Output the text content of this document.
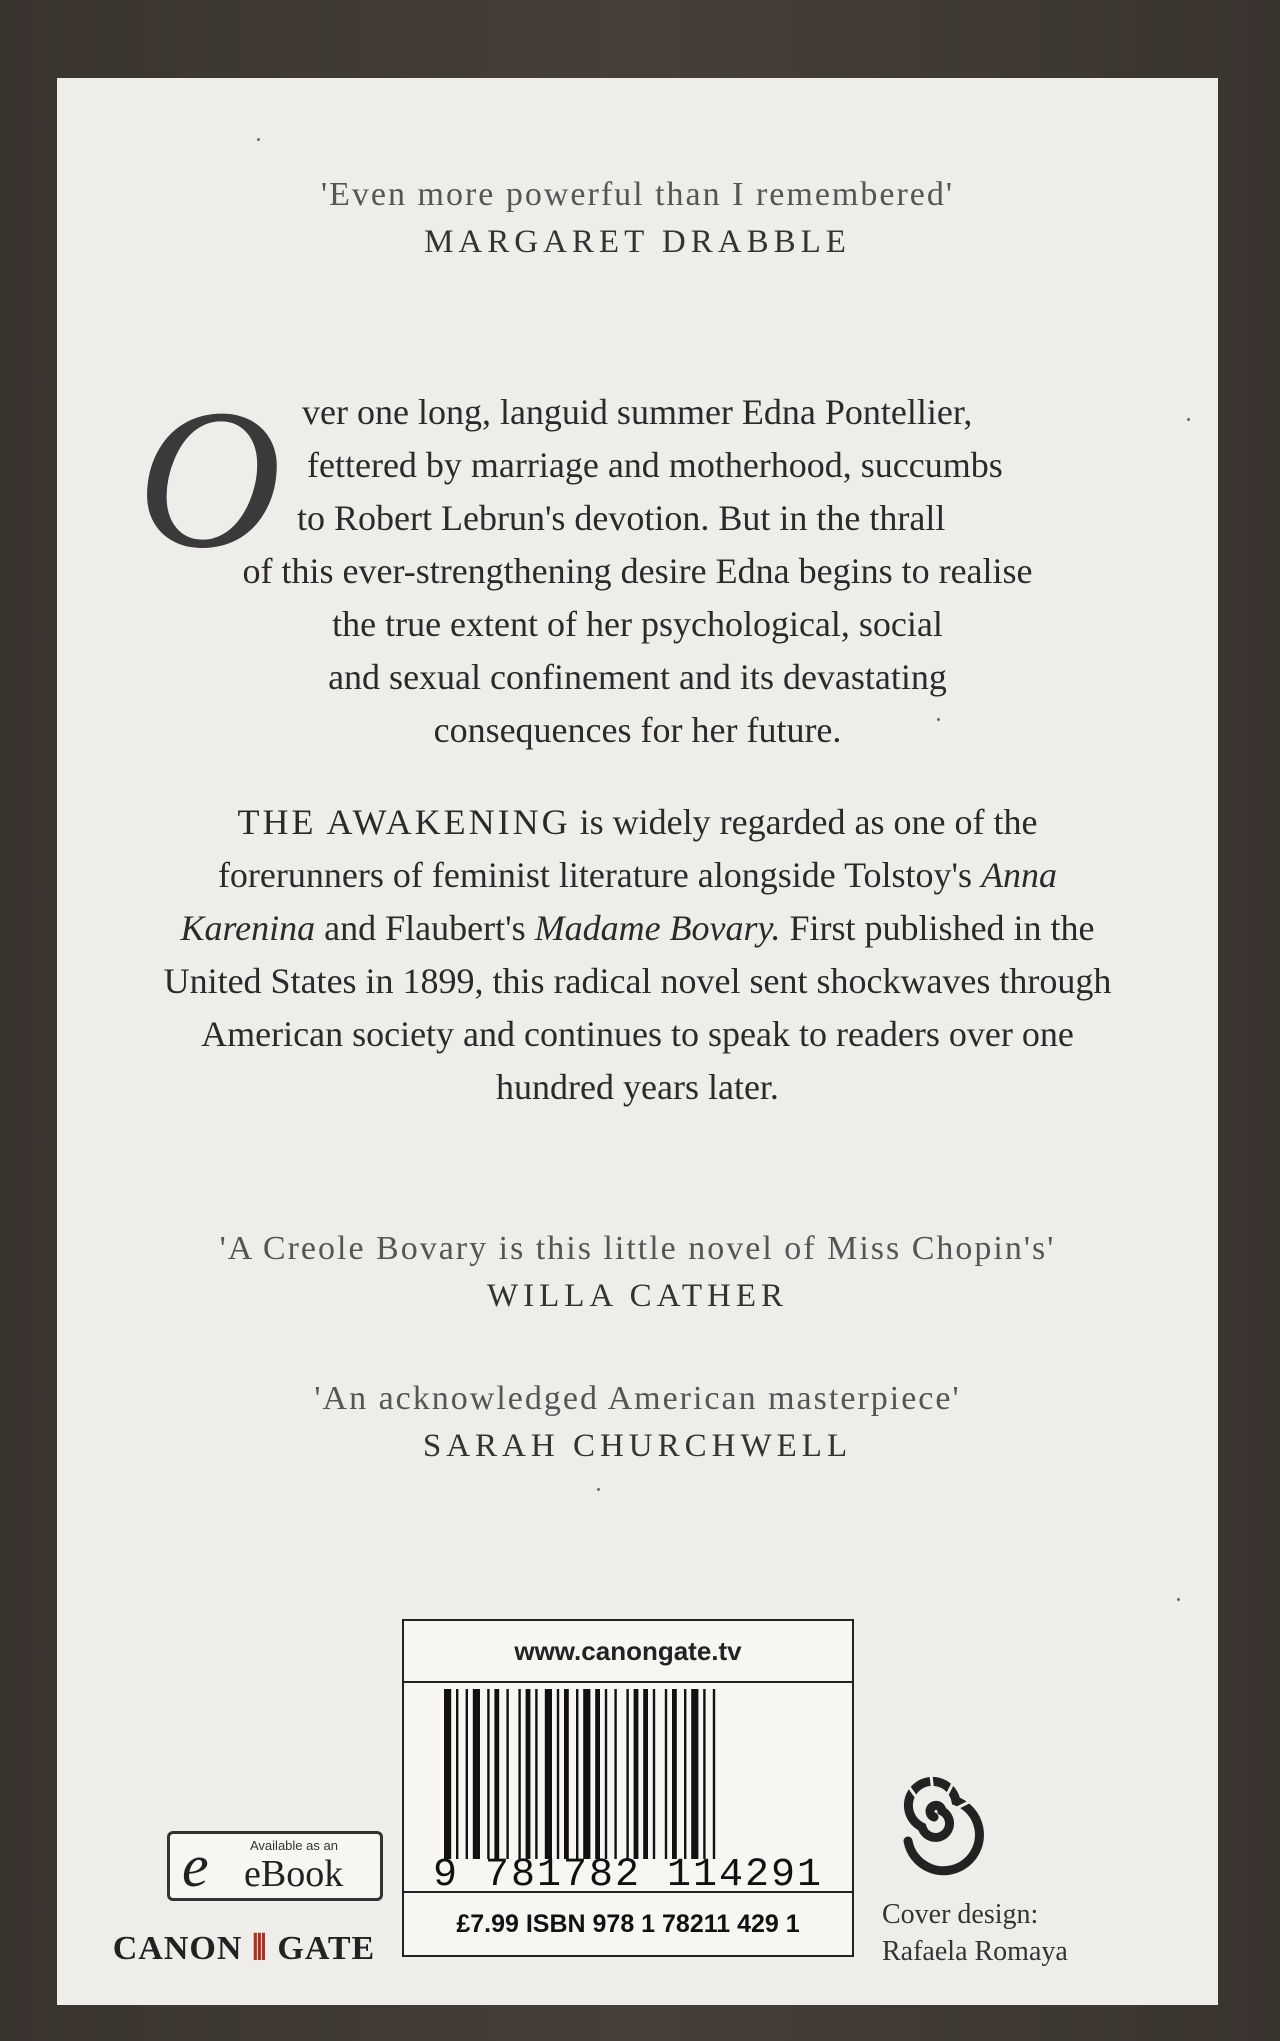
'Even more powerful than I remembered'
MARGARET DRABBLE
O ver one long, languid summer Edna Pontellier,
fettered by marriage and motherhood, succumbs
to Robert Lebrun's devotion. But in the thrall
of this ever-strengthening desire Edna begins to realise
the true extent of her psychological, social
and sexual confinement and its devastating
consequences for her future.
THE AWAKENING is widely regarded as one of the forerunners of feminist literature alongside Tolstoy's Anna Karenina and Flaubert's Madame Bovary. First published in the United States in 1899, this radical novel sent shockwaves through American society and continues to speak to readers over one hundred years later.
'A Creole Bovary is this little novel of Miss Chopin's'
WILLA CATHER
'An acknowledged American masterpiece'
SARAH CHURCHWELL
www.canongate.tv
9 781782 114291
£7.99 ISBN 978 1 78211 429 1
e	Available as an
eBook
CANON ⦀ GATE
Cover design:
Rafaela Romaya
